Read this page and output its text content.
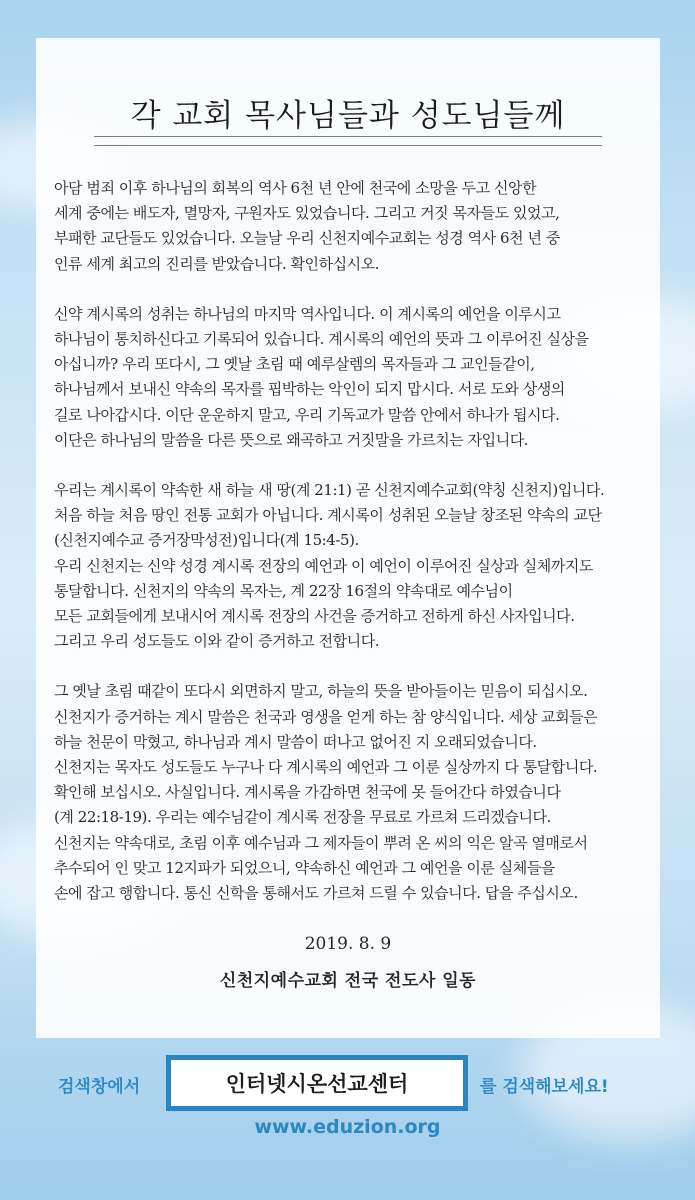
각 교회 목사님들과 성도님들께
아담 범죄 이후 하나님의 회복의 역사 6천 년 안에 천국에 소망을 두고 신앙한
세계 중에는 배도자, 멸망자, 구원자도 있었습니다. 그리고 거짓 목자들도 있었고,
부패한 교단들도 있었습니다. 오늘날 우리 신천지예수교회는 성경 역사 6천 년 중
인류 세계 최고의 진리를 받았습니다. 확인하십시오.
신약 계시록의 성취는 하나님의 마지막 역사입니다. 이 계시록의 예언을 이루시고
하나님이 통치하신다고 기록되어 있습니다. 계시록의 예언의 뜻과 그 이루어진 실상을
아십니까? 우리 또다시, 그 옛날 초림 때 예루살렘의 목자들과 그 교인들같이,
하나님께서 보내신 약속의 목자를 핍박하는 악인이 되지 맙시다. 서로 도와 상생의
길로 나아갑시다. 이단 운운하지 말고, 우리 기독교가 말씀 안에서 하나가 됩시다.
이단은 하나님의 말씀을 다른 뜻으로 왜곡하고 거짓말을 가르치는 자입니다.
우리는 계시록이 약속한 새 하늘 새 땅(계 21:1) 곧 신천지예수교회(약칭 신천지)입니다.
처음 하늘 처음 땅인 전통 교회가 아닙니다. 계시록이 성취된 오늘날 창조된 약속의 교단
(신천지예수교 증거장막성전)입니다(계 15:4-5).
우리 신천지는 신약 성경 계시록 전장의 예언과 이 예언이 이루어진 실상과 실체까지도
통달합니다. 신천지의 약속의 목자는, 계 22장 16절의 약속대로 예수님이
모든 교회들에게 보내시어 계시록 전장의 사건을 증거하고 전하게 하신 사자입니다.
그리고 우리 성도들도 이와 같이 증거하고 전합니다.
그 옛날 초림 때같이 또다시 외면하지 말고, 하늘의 뜻을 받아들이는 믿음이 되십시오.
신천지가 증거하는 계시 말씀은 천국과 영생을 얻게 하는 참 양식입니다. 세상 교회들은
하늘 천문이 막혔고, 하나님과 계시 말씀이 떠나고 없어진 지 오래되었습니다.
신천지는 목자도 성도들도 누구나 다 계시록의 예언과 그 이룬 실상까지 다 통달합니다.
확인해 보십시오. 사실입니다. 계시록을 가감하면 천국에 못 들어간다 하였습니다
(계 22:18-19). 우리는 예수님같이 계시록 전장을 무료로 가르쳐 드리겠습니다.
신천지는 약속대로, 초림 이후 예수님과 그 제자들이 뿌려 온 씨의 익은 알곡 열매로서
추수되어 인 맞고 12지파가 되었으니, 약속하신 예언과 그 예언을 이룬 실체들을
손에 잡고 행합니다. 통신 신학을 통해서도 가르쳐 드릴 수 있습니다. 답을 주십시오.
2019. 8. 9
신천지예수교회 전국 전도사 일동
검색창에서	인터넷시온선교센터	를 검색해보세요!
www.eduzion.org
